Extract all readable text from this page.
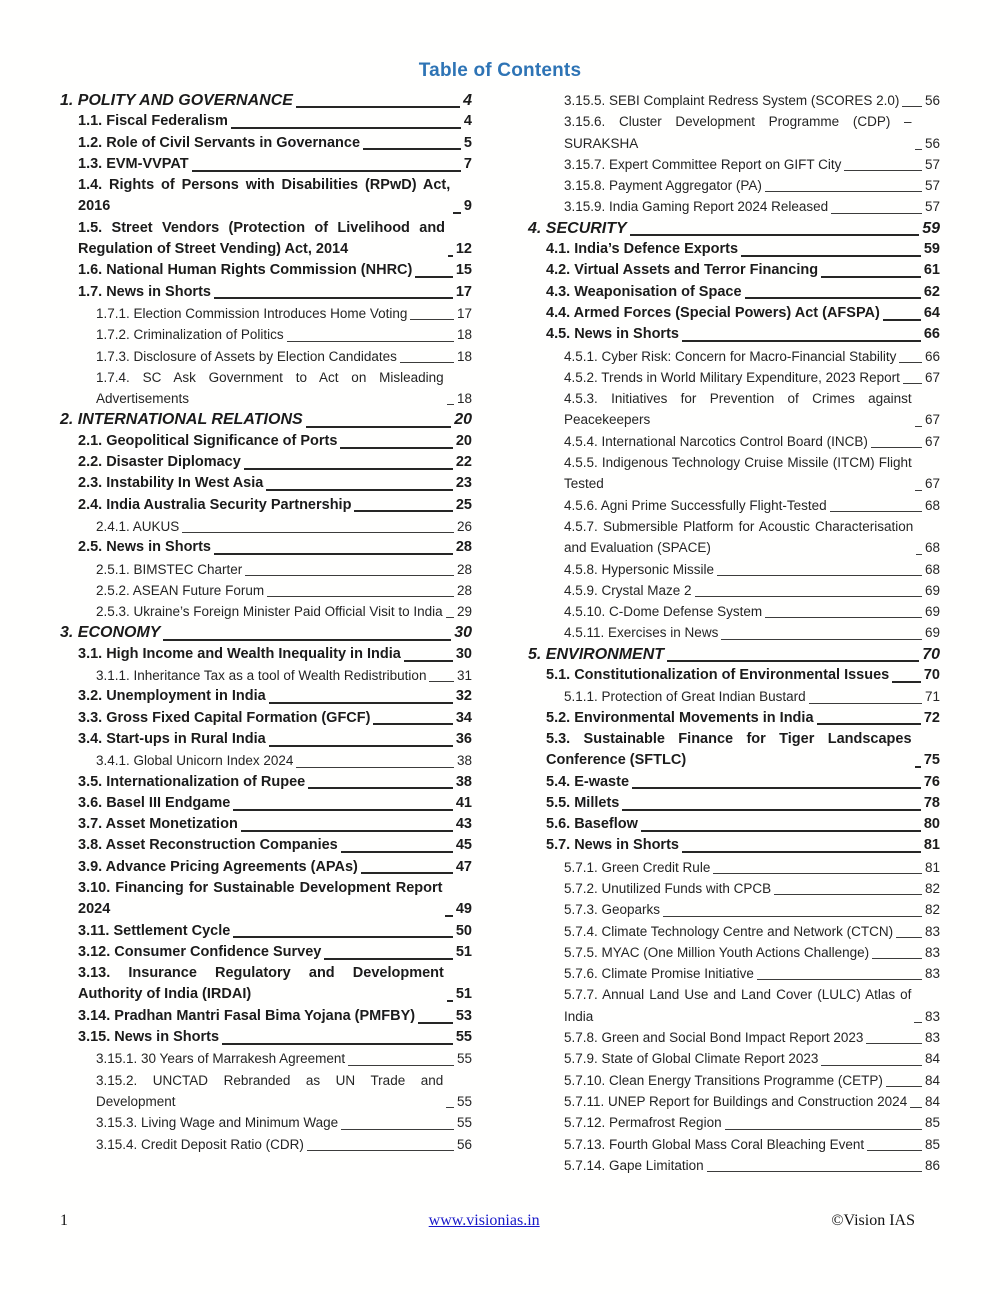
Table of Contents
1. POLITY AND GOVERNANCE	4
1.1. Fiscal Federalism	4
1.2. Role of Civil Servants in Governance	5
1.3. EVM-VVPAT	7
1.4. Rights of Persons with Disabilities (RPwD) Act, 2016	9
1.5. Street Vendors (Protection of Livelihood and Regulation of Street Vending) Act, 2014	12
1.6. National Human Rights Commission (NHRC)	15
1.7. News in Shorts	17
1.7.1. Election Commission Introduces Home Voting	17
1.7.2. Criminalization of Politics	18
1.7.3. Disclosure of Assets by Election Candidates	18
1.7.4. SC Ask Government to Act on Misleading Advertisements	18
2. INTERNATIONAL RELATIONS	20
2.1. Geopolitical Significance of Ports	20
2.2. Disaster Diplomacy	22
2.3. Instability In West Asia	23
2.4. India Australia Security Partnership	25
2.4.1. AUKUS	26
2.5. News in Shorts	28
2.5.1. BIMSTEC Charter	28
2.5.2. ASEAN Future Forum	28
2.5.3. Ukraine’s Foreign Minister Paid Official Visit to India 29
3. ECONOMY	30
3.1. High Income and Wealth Inequality in India	30
3.1.1. Inheritance Tax as a tool of Wealth Redistribution 31
3.2. Unemployment in India	32
3.3. Gross Fixed Capital Formation (GFCF)	34
3.4. Start-ups in Rural India	36
3.4.1. Global Unicorn Index 2024	38
3.5. Internationalization of Rupee	38
3.6. Basel III Endgame	41
3.7. Asset Monetization	43
3.8. Asset Reconstruction Companies	45
3.9. Advance Pricing Agreements (APAs)	47
3.10. Financing for Sustainable Development Report 2024	49
3.11. Settlement Cycle	50
3.12. Consumer Confidence Survey	51
3.13. Insurance Regulatory and Development Authority of India (IRDAI)	51
3.14. Pradhan Mantri Fasal Bima Yojana (PMFBY)	53
3.15. News in Shorts	55
3.15.1. 30 Years of Marrakesh Agreement	55
3.15.2. UNCTAD Rebranded as UN Trade and Development	55
3.15.3. Living Wage and Minimum Wage	55
3.15.4. Credit Deposit Ratio (CDR)	56
3.15.5. SEBI Complaint Redress System (SCORES 2.0) 56
3.15.6. Cluster Development Programme (CDP) – SURAKSHA	56
3.15.7. Expert Committee Report on GIFT City	57
3.15.8. Payment Aggregator (PA)	57
3.15.9. India Gaming Report 2024 Released	57
4. SECURITY	59
4.1. India’s Defence Exports	59
4.2. Virtual Assets and Terror Financing	61
4.3. Weaponisation of Space	62
4.4. Armed Forces (Special Powers) Act (AFSPA)	64
4.5. News in Shorts	66
4.5.1. Cyber Risk: Concern for Macro-Financial Stability 66
4.5.2. Trends in World Military Expenditure, 2023 Report 67
4.5.3. Initiatives for Prevention of Crimes against Peacekeepers	67
4.5.4. International Narcotics Control Board (INCB)	67
4.5.5. Indigenous Technology Cruise Missile (ITCM) Flight Tested	67
4.5.6. Agni Prime Successfully Flight-Tested	68
4.5.7. Submersible Platform for Acoustic Characterisation and Evaluation (SPACE)	68
4.5.8. Hypersonic Missile	68
4.5.9. Crystal Maze 2	69
4.5.10. C-Dome Defense System	69
4.5.11. Exercises in News	69
5. ENVIRONMENT	70
5.1. Constitutionalization of Environmental Issues 70
5.1.1. Protection of Great Indian Bustard	71
5.2. Environmental Movements in India	72
5.3. Sustainable Finance for Tiger Landscapes Conference (SFTLC)	75
5.4. E-waste	76
5.5. Millets	78
5.6. Baseflow	80
5.7. News in Shorts	81
5.7.1. Green Credit Rule	81
5.7.2. Unutilized Funds with CPCB	82
5.7.3. Geoparks	82
5.7.4. Climate Technology Centre and Network (CTCN) 83
5.7.5. MYAC (One Million Youth Actions Challenge)	83
5.7.6. Climate Promise Initiative	83
5.7.7. Annual Land Use and Land Cover (LULC) Atlas of India	83
5.7.8. Green and Social Bond Impact Report 2023	83
5.7.9. State of Global Climate Report 2023	84
5.7.10. Clean Energy Transitions Programme (CETP)	84
5.7.11. UNEP Report for Buildings and Construction 2024 84
5.7.12. Permafrost Region	85
5.7.13. Fourth Global Mass Coral Bleaching Event	85
5.7.14. Gape Limitation	86
1	www.visionias.in	©Vision IAS
